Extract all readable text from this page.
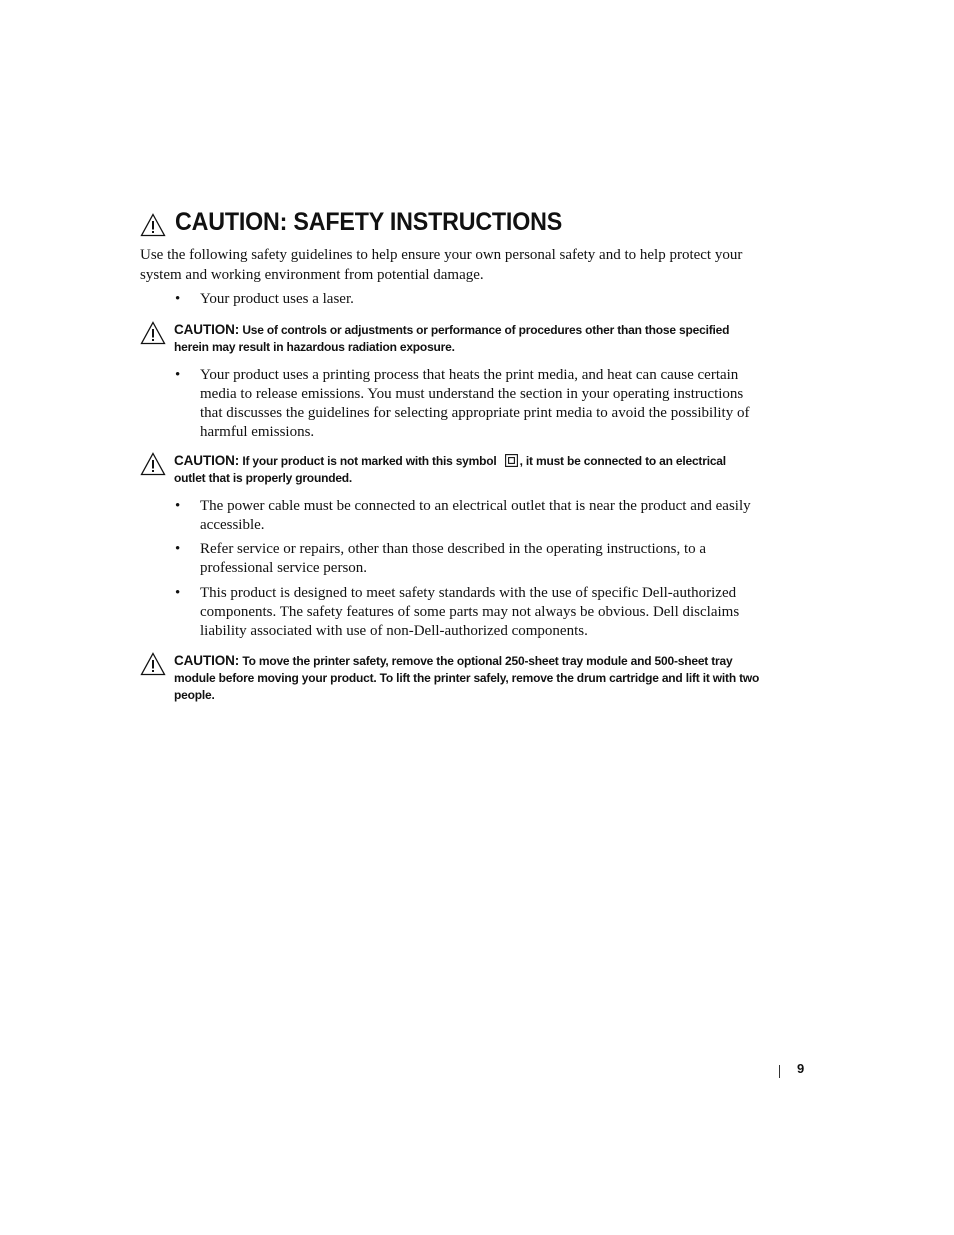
CAUTION: SAFETY INSTRUCTIONS

Use the following safety guidelines to help ensure your own personal safety and to help protect your system and working environment from potential damage.

• Your product uses a laser.
CAUTION: Use of controls or adjustments or performance of procedures other than those specified herein may result in hazardous radiation exposure.
• Your product uses a printing process that heats the print media, and heat can cause certain media to release emissions. You must understand the section in your operating instructions that discusses the guidelines for selecting appropriate print media to avoid the possibility of harmful emissions.
CAUTION: If your product is not marked with this symbol , it must be connected to an electrical outlet that is properly grounded.
• The power cable must be connected to an electrical outlet that is near the product and easily accessible.
• Refer service or repairs, other than those described in the operating instructions, to a professional service person.
• This product is designed to meet safety standards with the use of specific Dell-authorized components. The safety features of some parts may not always be obvious. Dell disclaims liability associated with use of non-Dell-authorized components.
CAUTION: To move the printer safety, remove the optional 250-sheet tray module and 500-sheet tray module before moving your product. To lift the printer safely, remove the drum cartridge and lift it with two people.
9
